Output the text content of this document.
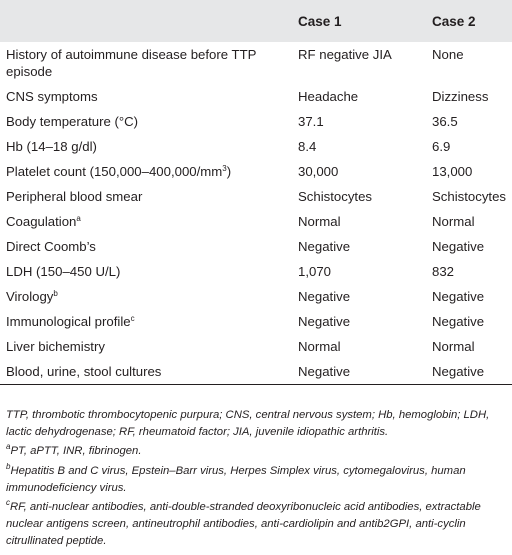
	Case 1	Case 2
History of autoimmune disease before TTP episode	RF negative JIA	None
CNS symptoms	Headache	Dizziness
Body temperature (°C)	37.1	36.5
Hb (14–18 g/dl)	8.4	6.9
Platelet count $(150,000-400,000/mm^3)$	30,000	13,000
Peripheral blood smear	Schistocytes	Schistocytes
Coagulation$^a$	Normal	Normal
Direct Coomb’s	Negative	Negative
LDH (150–450 U/L)	1,070	832
Virology$^b$	Negative	Negative
Immunological profile$^c$	Negative	Negative
Liver bichemistry	Normal	Normal
Blood, urine, stool cultures	Negative	Negative

TTP, thrombotic thrombocytopenic purpura; CNS, central nervous system; Hb, hemoglobin; LDH, lactic dehydrogenase; RF, rheumatoid factor; JIA, juvenile idiopathic arthritis.

$^a$PT, aPTT, INR, fibrinogen.

$^b$Hepatitis B and C virus, Epstein–Barr virus, Herpes Simplex virus, cytomegalovirus, human immunodeficiency virus.

$^c$RF, anti-nuclear antibodies, anti-double-stranded deoxyribonucleic acid antibodies, extractable nuclear antigens screen, antineutrophil antibodies, anti-cardiolipin and antib2GPI, anti-cyclin citrullinated peptide.
